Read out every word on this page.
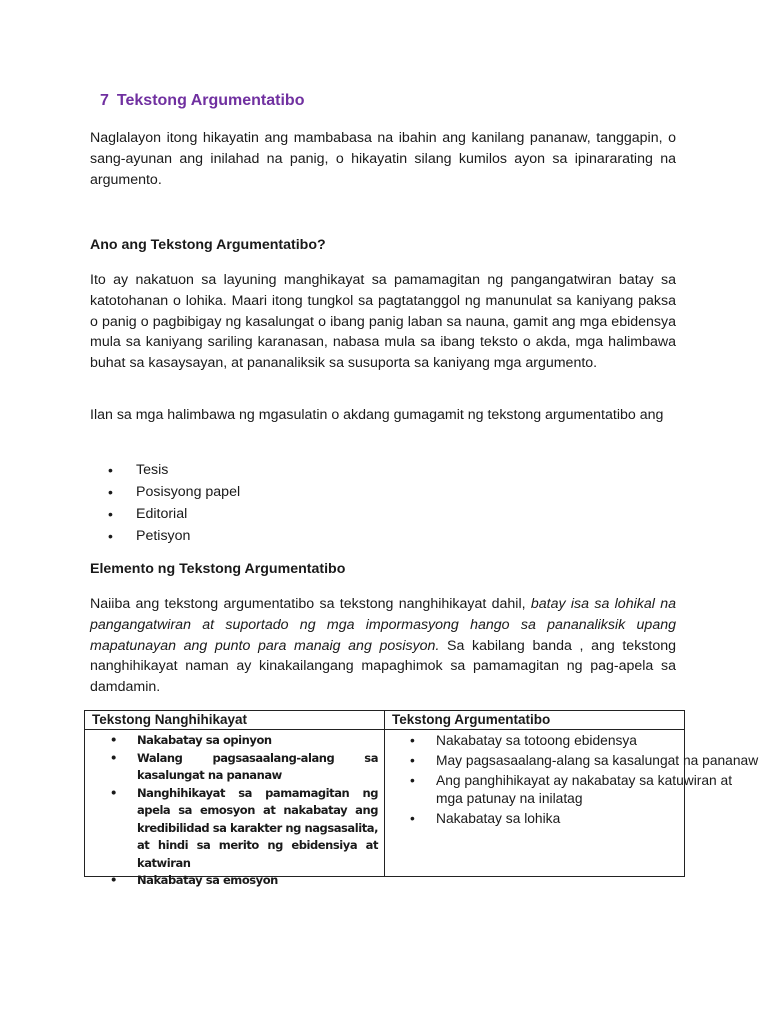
7 Tekstong Argumentatibo

Naglalayon itong hikayatin ang mambabasa na ibahin ang kanilang pananaw, tanggapin, o sang-ayunan ang inilahad na panig, o hikayatin silang kumilos ayon sa ipinararating na argumento.

Ano ang Tekstong Argumentatibo?

Ito ay nakatuon sa layuning manghikayat sa pamamagitan ng pangangatwiran batay sa katotohanan o lohika. Maari itong tungkol sa pagtatanggol ng manunulat sa kaniyang paksa o panig o pagbibigay ng kasalungat o ibang panig laban sa nauna, gamit ang mga ebidensya mula sa kaniyang sariling karanasan, nabasa mula sa ibang teksto o akda, mga halimbawa buhat sa kasaysayan, at pananaliksik sa susuporta sa kaniyang mga argumento.

Ilan sa mga halimbawa ng mgasulatin o akdang gumagamit ng tekstong argumentatibo ang

• Tesis
• Posisyong papel
• Editorial
• Petisyon
Elemento ng Tekstong Argumentatibo

Naiiba ang tekstong argumentatibo sa tekstong nanghihikayat dahil, batay isa sa lohikal na pangangatwiran at suportado ng mga impormasyong hango sa pananaliksik upang mapatunayan ang punto para manaig ang posisyon. Sa kabilang banda , ang tekstong nanghihikayat naman ay kinakailangang mapaghimok sa pamamagitan ng pag-apela sa damdamin.

Tekstong Nanghihikayat	Tekstong Argumentatibo
• Nakabatay sa opinyon
• Walang pagsasaalang-alang sa kasalungat na pananaw
• Nanghihikayat sa pamamagitan ng apela sa emosyon at nakabatay ang kredibilidad sa karakter ng nagsasalita, at hindi sa merito ng ebidensiya at katwiran
• Nakabatay sa emosyon
• Nakabatay sa totoong ebidensya
• May pagsasaalang-alang sa kasalungat na pananaw
• Ang panghihikayat ay nakabatay sa katuwiran at mga patunay na inilatag
• Nakabatay sa lohika
